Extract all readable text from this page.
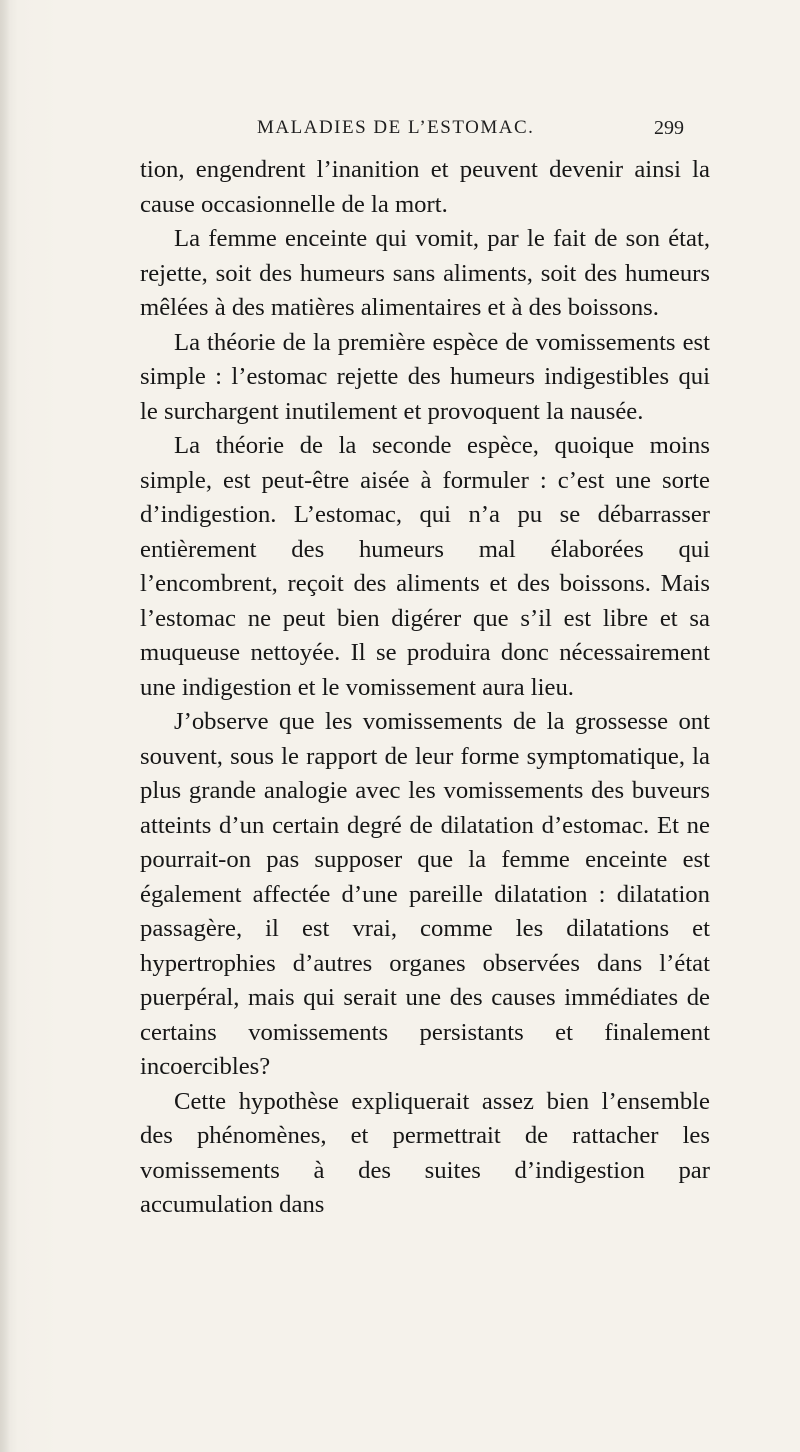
MALADIES DE L’ESTOMAC.	299

tion, engendrent l’inanition et peuvent devenir ainsi la cause occasionnelle de la mort.

La femme enceinte qui vomit, par le fait de son état, rejette, soit des humeurs sans aliments, soit des humeurs mêlées à des matières alimentaires et à des boissons.

La théorie de la première espèce de vomissements est simple : l’estomac rejette des humeurs indigestibles qui le surchargent inutilement et provoquent la nausée.

La théorie de la seconde espèce, quoique moins simple, est peut-être aisée à formuler : c’est une sorte d’indigestion. L’estomac, qui n’a pu se débarrasser entièrement des humeurs mal élaborées qui l’encombrent, reçoit des aliments et des boissons. Mais l’estomac ne peut bien digérer que s’il est libre et sa muqueuse nettoyée. Il se produira donc nécessairement une indigestion et le vomissement aura lieu.

J’observe que les vomissements de la grossesse ont souvent, sous le rapport de leur forme symptomatique, la plus grande analogie avec les vomissements des buveurs atteints d’un certain degré de dilatation d’estomac. Et ne pourrait-on pas supposer que la femme enceinte est également affectée d’une pareille dilatation : dilatation passagère, il est vrai, comme les dilatations et hypertrophies d’autres organes observées dans l’état puerpéral, mais qui serait une des causes immédiates de certains vomissements persistants et finalement incoercibles?

Cette hypothèse expliquerait assez bien l’ensemble des phénomènes, et permettrait de rattacher les vomissements à des suites d’indigestion par accumulation dans
